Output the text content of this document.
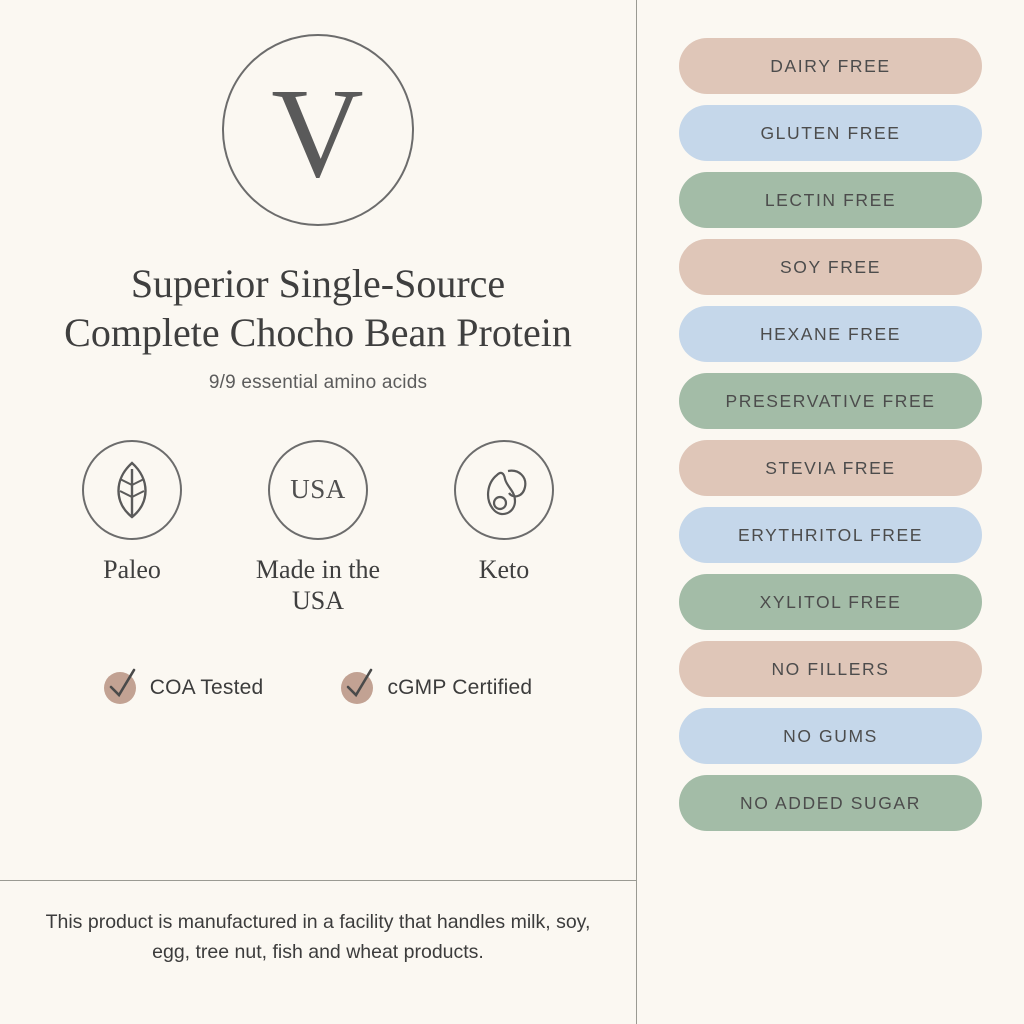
V
Superior Single-Source Complete Chocho Bean Protein
9/9 essential amino acids
Paleo
USA
Made in the USA
Keto
COA Tested	cGMP Certified
This product is manufactured in a facility that handles milk, soy, egg, tree nut, fish and wheat products.
DAIRY FREE
GLUTEN FREE
LECTIN FREE
SOY FREE
HEXANE FREE
PRESERVATIVE FREE
STEVIA FREE
ERYTHRITOL FREE
XYLITOL FREE
NO FILLERS
NO GUMS
NO ADDED SUGAR
